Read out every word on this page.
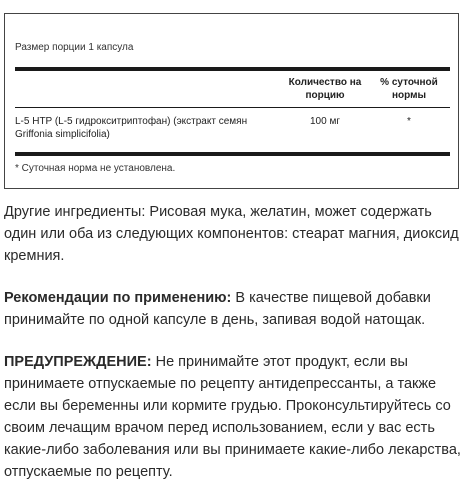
Размер порции 1 капсула
Количество на порцию
% суточной нормы
L-5 HTP (L-5 гидрокситриптофан) (экстракт семян Griffonia simplicifolia)
100 мг	*
* Суточная норма не установлена.

Другие ингредиенты: Рисовая мука, желатин, может содержать один или оба из следующих компонентов: стеарат магния, диоксид кремния.

Рекомендации по применению: В качестве пищевой добавки принимайте по одной капсуле в день, запивая водой натощак.

ПРЕДУПРЕЖДЕНИЕ: Не принимайте этот продукт, если вы принимаете отпускаемые по рецепту антидепрессанты, а также если вы беременны или кормите грудью. Проконсультируйтесь со своим лечащим врачом перед использованием, если у вас есть какие-либо заболевания или вы принимаете какие-либо лекарства, отпускаемые по рецепту.
